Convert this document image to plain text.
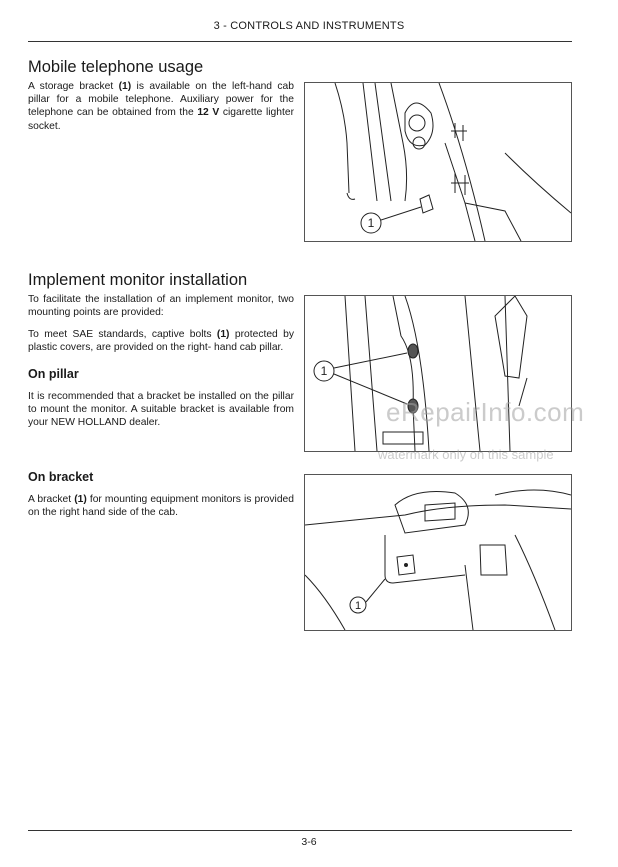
3 - CONTROLS AND INSTRUMENTS
Mobile telephone usage

A storage bracket (1) is available on the left-hand cab pillar for a mobile telephone. Auxiliary power for the telephone can be obtained from the 12 V cigarette lighter socket.

1
Implement monitor installation

To facilitate the installation of an implement monitor, two mounting points are provided:

To meet SAE standards, captive bolts (1) protected by plastic covers, are provided on the right- hand cab pillar.

On pillar

It is recommended that a bracket be installed on the pillar to mount the monitor. A suitable bracket is available from your NEW HOLLAND dealer.

1
On bracket

A bracket (1) for mounting equipment monitors is provided on the right hand side of the cab.

1
eRepairInfo.com
watermark only on this sample
3-6
